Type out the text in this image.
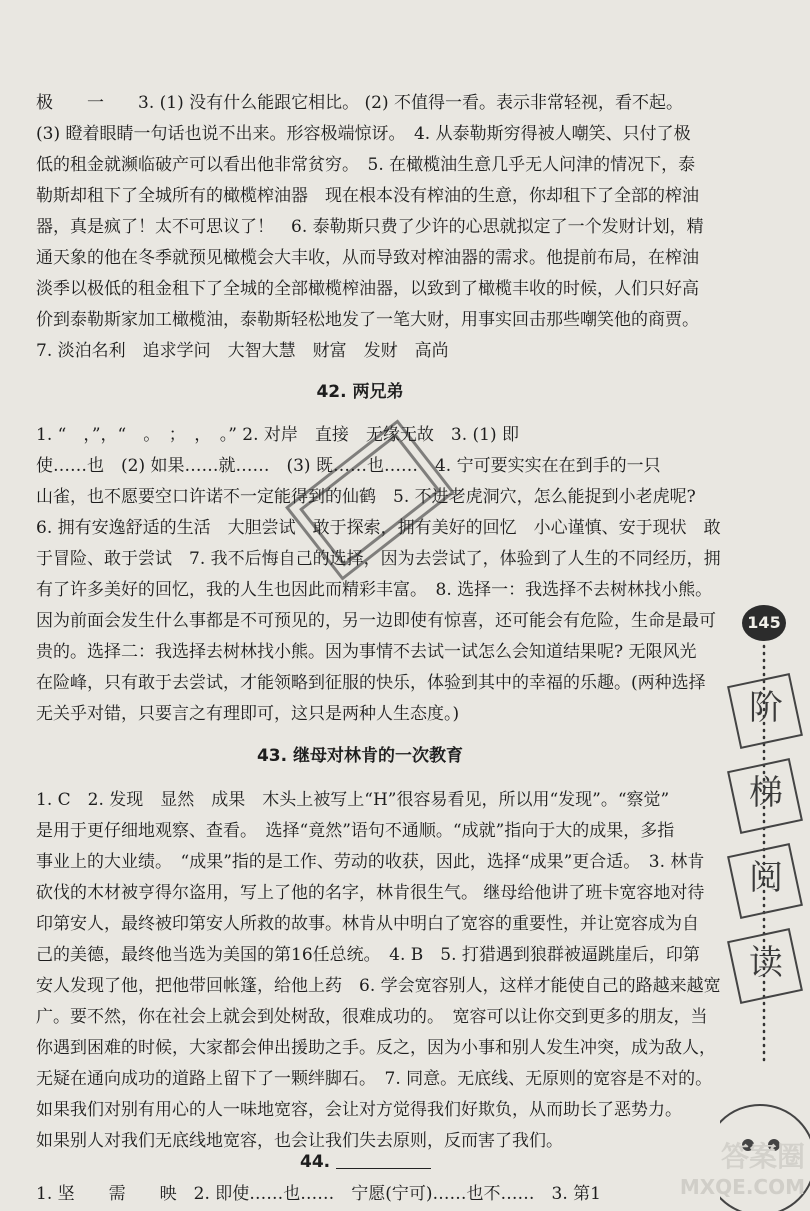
极　　一　　3. (1) 没有什么能跟它相比。 (2) 不值得一看。表示非常轻视，看不起。
(3) 瞪着眼睛一句话也说不出来。形容极端惊讶。　4. 从泰勒斯穷得被人嘲笑、只付了极
低的租金就濒临破产可以看出他非常贫穷。　5. 在橄榄油生意几乎无人问津的情况下，泰
勒斯却租下了全城所有的橄榄榨油器　现在根本没有榨油的生意，你却租下了全部的榨油
器，真是疯了！太不可思议了！　6. 泰勒斯只费了少许的心思就拟定了一个发财计划，精
通天象的他在冬季就预见橄榄会大丰收，从而导致对榨油器的需求。他提前布局，在榨油
淡季以极低的租金租下了全城的全部橄榄榨油器，以致到了橄榄丰收的时候，人们只好高
价到泰勒斯家加工橄榄油，泰勒斯轻松地发了一笔大财，用事实回击那些嘲笑他的商贾。
7. 淡泊名利　追求学问　大智大慧　财富　发财　高尚
42. 两兄弟
1. “　，”，“　。　；　，　。” 2. 对岸　直接　无缘无故　3. (1) 即
使……也　(2) 如果……就……　(3) 既……也……　4. 宁可要实实在在到手的一只
山雀，也不愿要空口许诺不一定能得到的仙鹤　5. 不进老虎洞穴，怎么能捉到小老虎呢?
6. 拥有安逸舒适的生活　大胆尝试　敢于探索，拥有美好的回忆　小心谨慎、安于现状　敢
于冒险、敢于尝试　7. 我不后悔自己的选择，因为去尝试了，体验到了人生的不同经历，拥
有了许多美好的回忆，我的人生也因此而精彩丰富。　8. 选择一：我选择不去树林找小熊。
因为前面会发生什么事都是不可预见的，另一边即使有惊喜，还可能会有危险，生命是最可
贵的。选择二：我选择去树林找小熊。因为事情不去试一试怎么会知道结果呢? 无限风光
在险峰，只有敢于去尝试，才能领略到征服的快乐，体验到其中的幸福的乐趣。(两种选择
无关乎对错，只要言之有理即可，这只是两种人生态度。)
43. 继母对林肯的一次教育
1. C　2. 发现　显然　成果　木头上被写上“H”很容易看见，所以用“发现”。“察觉”
是用于更仔细地观察、查看。　选择“竟然”语句不通顺。“成就”指向于大的成果，多指
事业上的大业绩。　“成果”指的是工作、劳动的收获，因此，选择“成果”更合适。　3. 林肯
砍伐的木材被亨得尔盗用，写上了他的名字，林肯很生气。 继母给他讲了班卡宽容地对待
印第安人，最终被印第安人所救的故事。林肯从中明白了宽容的重要性，并让宽容成为自
己的美德，最终他当选为美国的第16任总统。　4. B　5. 打猎遇到狼群被逼跳崖后，印第
安人发现了他，把他带回帐篷，给他上药　6. 学会宽容别人，这样才能使自己的路越来越宽
广。要不然，你在社会上就会到处树敌，很难成功的。　宽容可以让你交到更多的朋友，当
你遇到困难的时候，大家都会伸出援助之手。反之，因为小事和别人发生冲突，成为敌人，
无疑在通向成功的道路上留下了一颗绊脚石。　7. 同意。无底线、无原则的宽容是不对的。
如果我们对别有用心的人一味地宽容，会让对方觉得我们好欺负，从而助长了恶势力。
如果别人对我们无底线地宽容，也会让我们失去原则，反而害了我们。
44.
1. 坚　　需　　映　2. 即使……也……　宁愿(宁可)……也不……　3. 第1
145
阶
梯
阅
读
答案圈
MXQE.COM
